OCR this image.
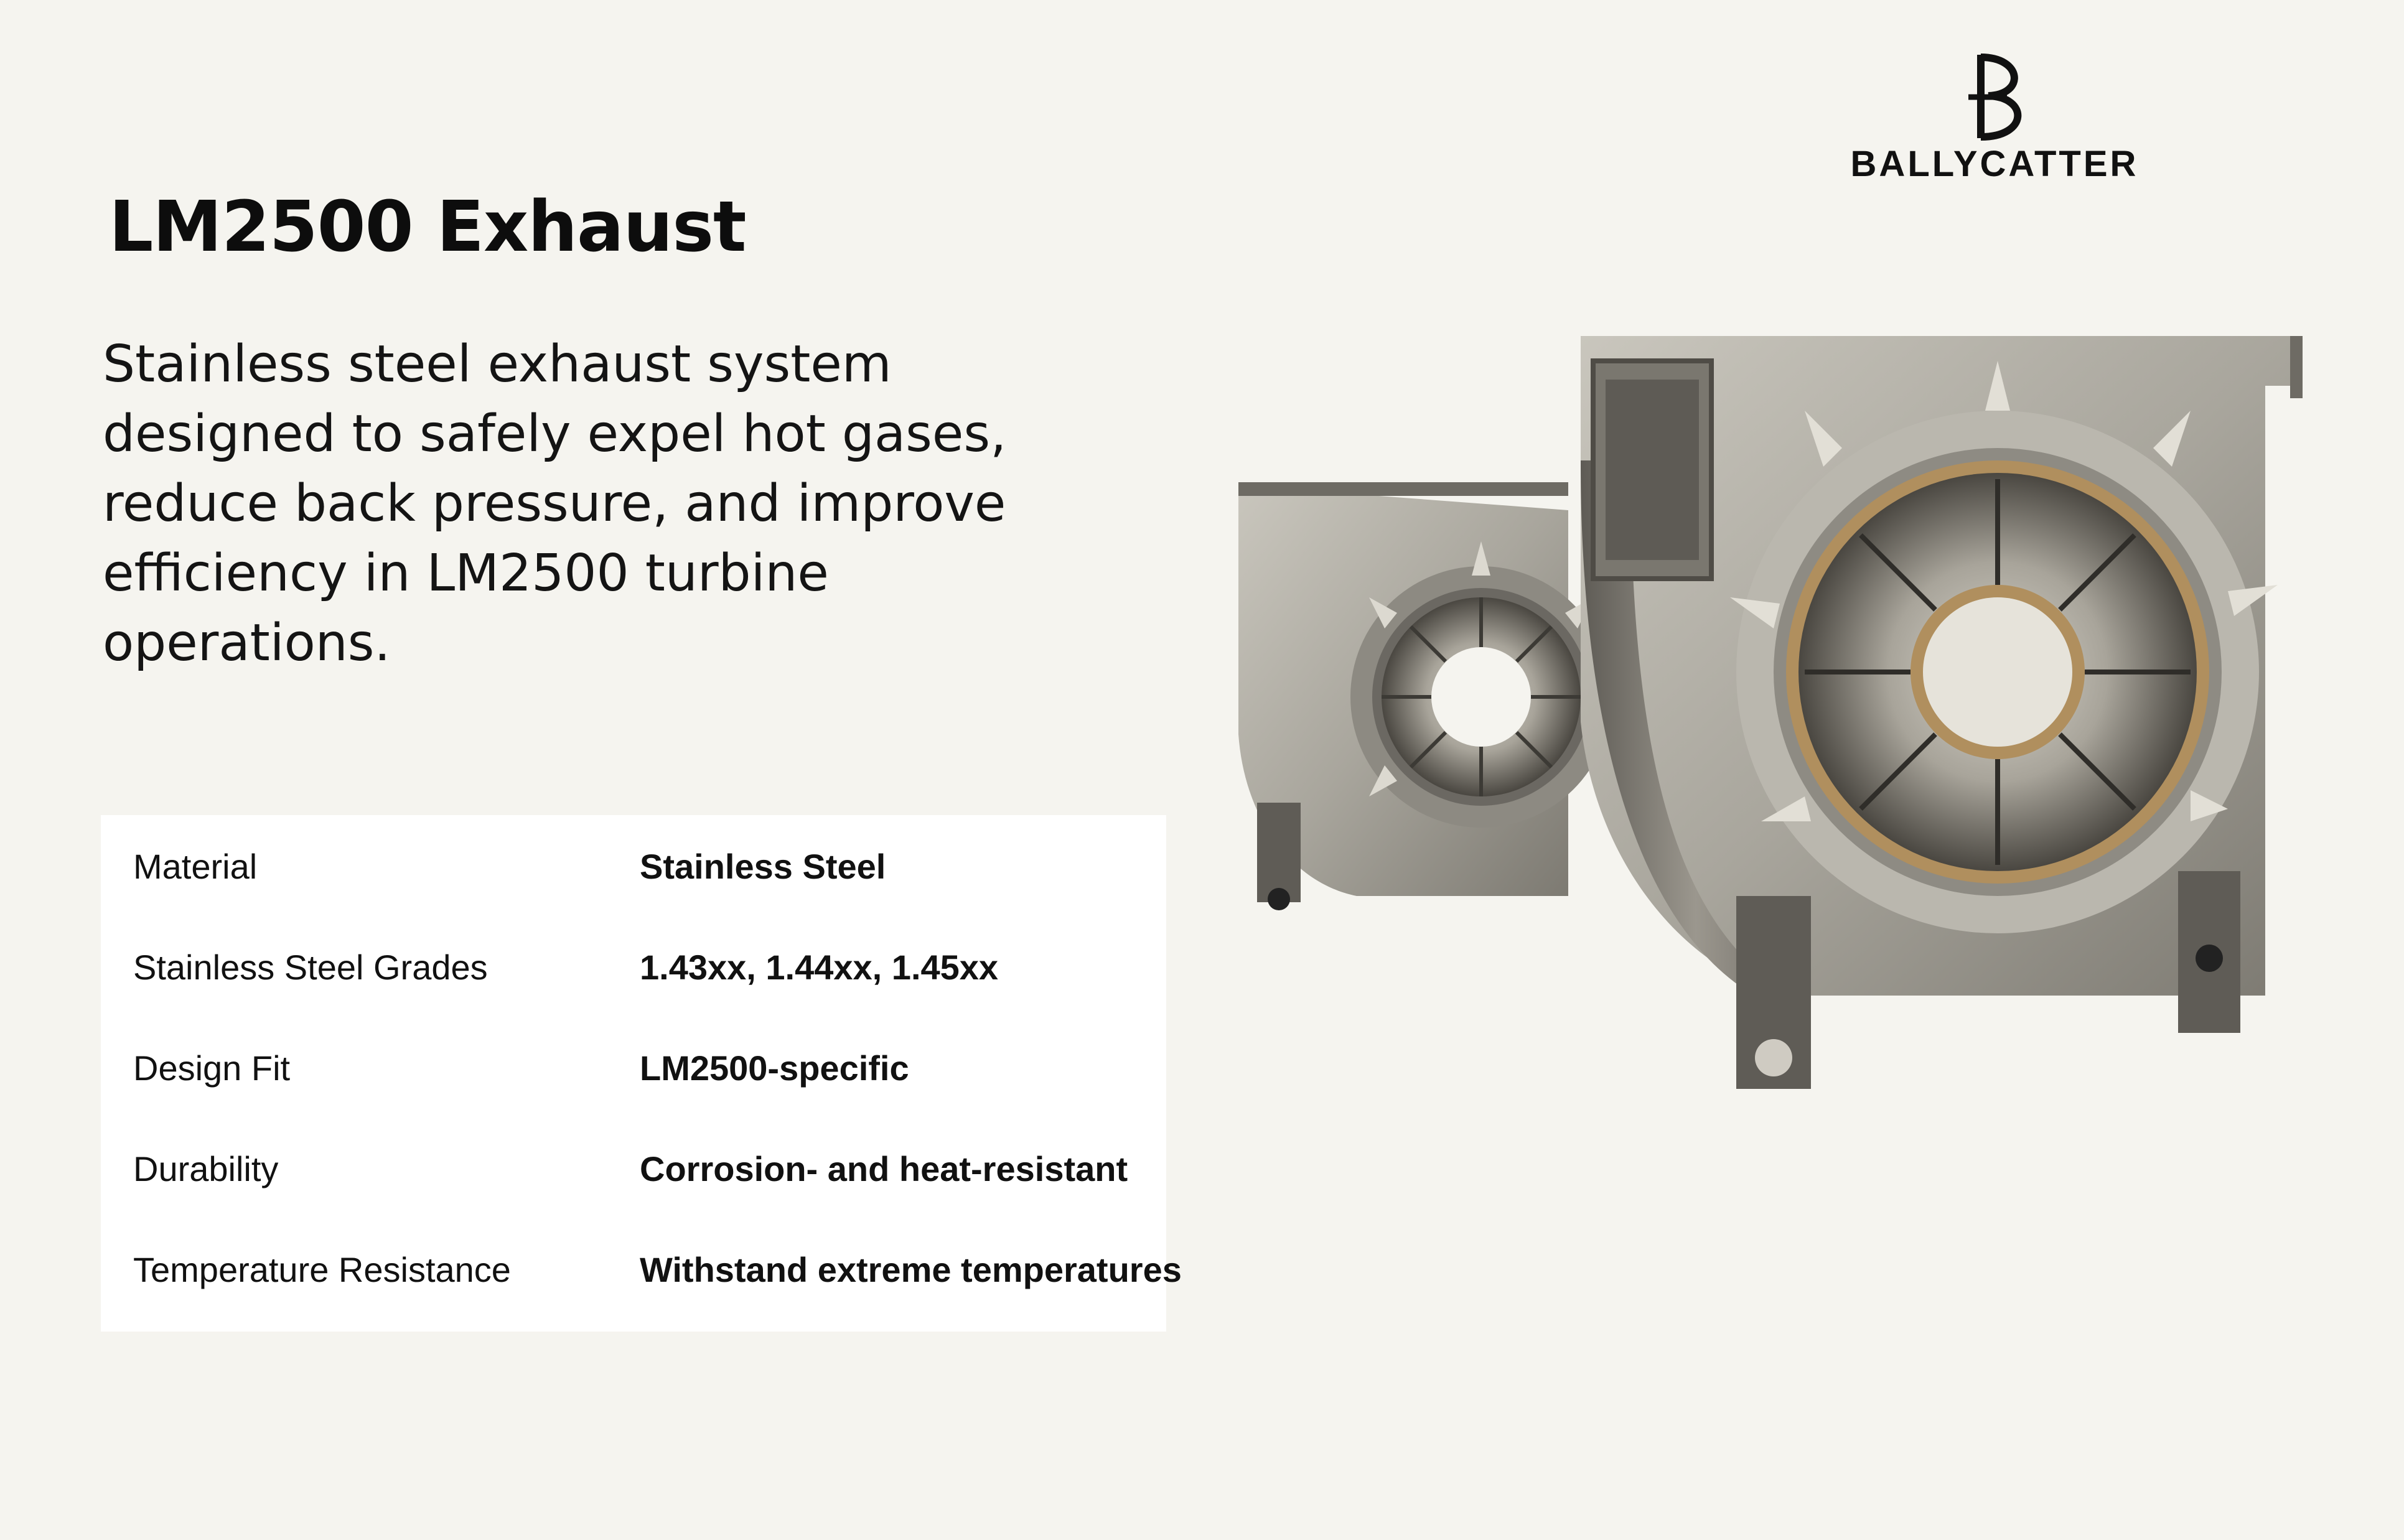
BALLYCATTER
LM2500 Exhaust

Stainless steel exhaust system designed to safely expel hot gases, reduce back pressure, and improve efficiency in LM2500 turbine operations.

Material	Stainless Steel
Stainless Steel Grades	1.43xx, 1.44xx, 1.45xx
Design Fit	LM2500-specific
Durability	Corrosion- and heat-resistant
Temperature Resistance	Withstand extreme temperatures
